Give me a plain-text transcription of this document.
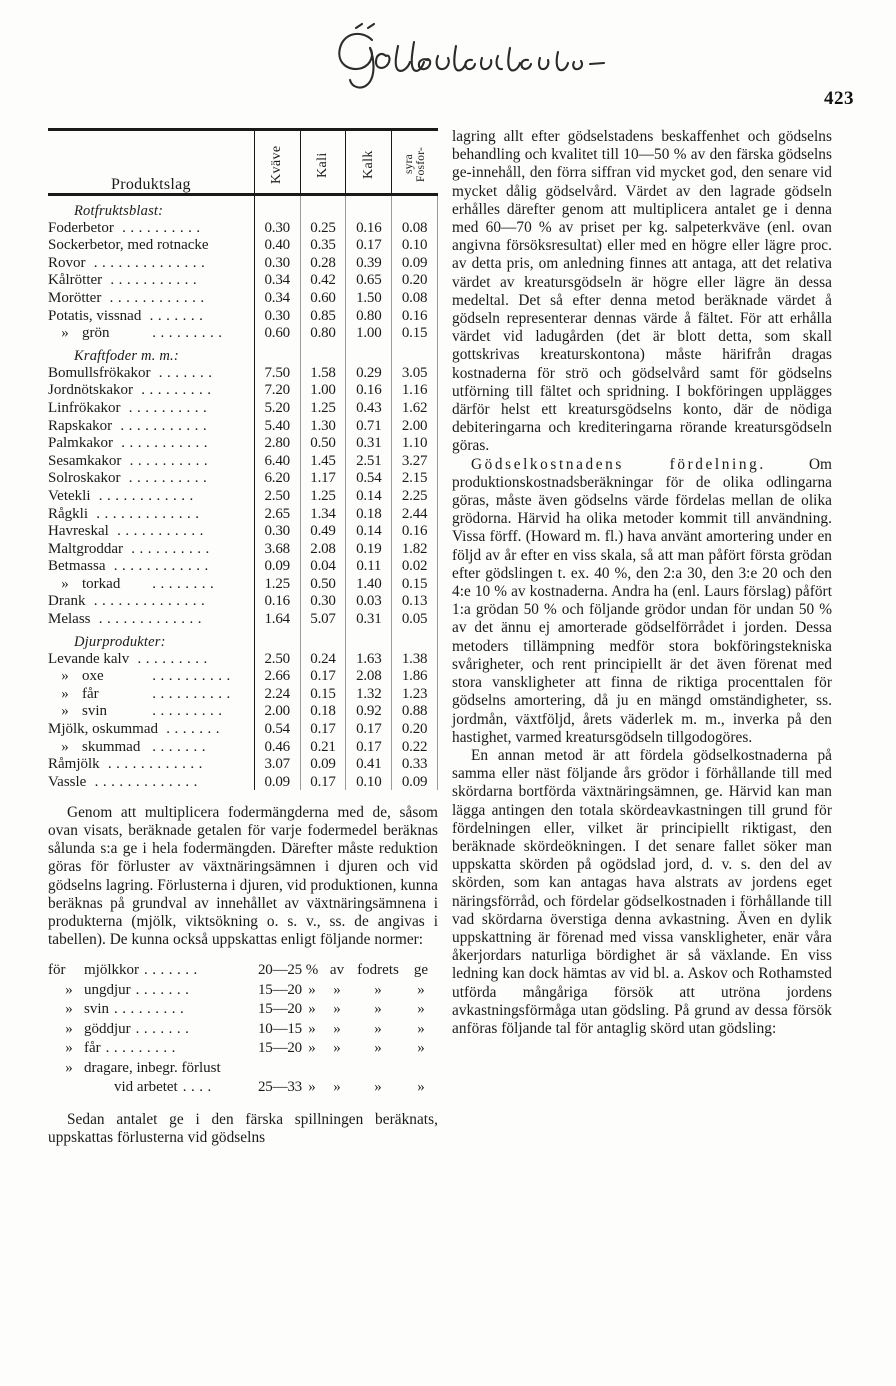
423

Produktslag	Kväve	Kali	Kalk	syra
Fosfor-

Rotfruktsblast:				
Foderbetor ..........	0.30	0.25	0.16	0.08
Sockerbetor, med rotnacke	0.40	0.35	0.17	0.10
Rovor ..............	0.30	0.28	0.39	0.09
Kålrötter ...........	0.34	0.42	0.65	0.20
Morötter ............	0.34	0.60	1.50	0.08
Potatis, vissnad .......	0.30	0.85	0.80	0.16
» grön .........	0.60	0.80	1.00	0.15
Kraftfoder m. m.:				
Bomullsfrökakor .......	7.50	1.58	0.29	3.05
Jordnötskakor .........	7.20	1.00	0.16	1.16
Linfrökakor ..........	5.20	1.25	0.43	1.62
Rapskakor ...........	5.40	1.30	0.71	2.00
Palmkakor ...........	2.80	0.50	0.31	1.10
Sesamkakor ..........	6.40	1.45	2.51	3.27
Solroskakor ..........	6.20	1.17	0.54	2.15
Vetekli ............	2.50	1.25	0.14	2.25
Rågkli .............	2.65	1.34	0.18	2.44
Havreskal ...........	0.30	0.49	0.14	0.16
Maltgroddar ..........	3.68	2.08	0.19	1.82
Betmassa ............	0.09	0.04	0.11	0.02
» torkad ........	1.25	0.50	1.40	0.15
Drank ..............	0.16	0.30	0.03	0.13
Melass .............	1.64	5.07	0.31	0.05
Djurprodukter:				
Levande kalv .........	2.50	0.24	1.63	1.38
» oxe ..........	2.66	0.17	2.08	1.86
» får ..........	2.24	0.15	1.32	1.23
» svin .........	2.00	0.18	0.92	0.88
Mjölk, oskummad .......	0.54	0.17	0.17	0.20
» skummad .......	0.46	0.21	0.17	0.22
Råmjölk ............	3.07	0.09	0.41	0.33
Vassle .............	0.09	0.17	0.10	0.09

Genom att multiplicera fodermängderna med de, såsom ovan visats, beräknade getalen för varje fodermedel beräknas sålunda s:a ge i hela fodermängden. Därefter måste reduktion göras för förluster av växtnäringsämnen i djuren och vid gödselns lagring. Förlusterna i djuren, vid produktionen, kunna beräknas på grundval av innehållet av växtnäringsämnena i produkterna (mjölk, viktsökning o. s. v., ss. de angivas i tabellen). De kunna också uppskattas enligt följande normer:

för	mjölkkor .......	20—25 % av fodrets ge
» ungdjur .......	15—20 » » » »
» svin .........	15—20 » » » »
» göddjur .......	10—15 » » » »
» får .........	15—20 » » » »
» dragare, inbegr. förlust
vid arbetet ....	25—33 » » » »

Sedan antalet ge i den färska spillningen beräknats, uppskattas förlusterna vid gödselns

lagring allt efter gödselstadens beskaffenhet och gödselns behandling och kvalitet till 10—50 % av den färska gödselns ge-innehåll, den förra siffran vid mycket god, den senare vid mycket dålig gödselvård. Värdet av den lagrade gödseln erhålles därefter genom att multiplicera antalet ge i denna med 60—70 % av priset per kg. salpeterkväve (enl. ovan angivna försöksresultat) eller med en högre eller lägre proc. av detta pris, om anledning finnes att antaga, att det relativa värdet av kreatursgödseln är högre eller lägre än dessa medeltal. Det så efter denna metod beräknade värdet å gödseln representerar dennas värde å fältet. För att erhålla värdet vid ladugården (det är blott detta, som skall gottskrivas kreaturskontona) måste härifrån dragas kostnaderna för strö och gödselvård samt för gödselns utförning till fältet och spridning. I bokföringen upplägges därför helst ett kreatursgödselns konto, där de nödiga debiteringarna och krediteringarna rörande kreatursgödseln göras.

Gödselkostnadens fördelning.	Om produktionskostnadsberäkningar för de olika odlingarna göras, måste även gödselns värde fördelas mellan de olika grödorna. Härvid ha olika metoder kommit till användning. Vissa förff. (Howard m. fl.) hava använt amortering under en följd av år efter en viss skala, så att man påfört första grödan efter gödslingen t. ex. 40 %, den 2:a 30, den 3:e 20 och den 4:e 10 % av kostnaderna. Andra ha (enl. Laurs förslag) påfört 1:a grödan 50 % och följande grödor undan för undan 50 % av det ännu ej amorterade gödselförrådet i jorden. Dessa metoders tillämpning medför stora bokföringstekniska svårigheter, och rent principiellt är det även förenat med stora vanskligheter att finna de riktiga procenttalen för gödselns amortering, då ju en mängd omständigheter, ss. jordmån, växtföljd, årets väderlek m. m., inverka på den hastighet, varmed kreatursgödseln tillgodogöres.

En annan metod är att fördela gödselkostnaderna på samma eller näst följande års grödor i förhållande till med skördarna bortförda växtnäringsämnen, ge. Härvid kan man lägga antingen den totala skördeavkastningen till grund för fördelningen eller, vilket är principiellt riktigast, den beräknade skördeökningen. I det senare fallet söker man uppskatta skörden på ogödslad jord, d. v. s. den del av skörden, som kan antagas hava alstrats av jordens eget näringsförråd, och fördelar gödselkostnaden i förhållande till vad skördarna överstiga denna avkastning. Även en dylik uppskattning är förenad med vissa vanskligheter, enär våra åkerjordars naturliga bördighet är så växlande. En viss ledning kan dock hämtas av vid bl. a. Askov och Rothamsted utförda mångåriga försök att utröna jordens avkastningsförmåga utan gödsling. På grund av dessa försök anföras följande tal för antaglig skörd utan gödsling:
